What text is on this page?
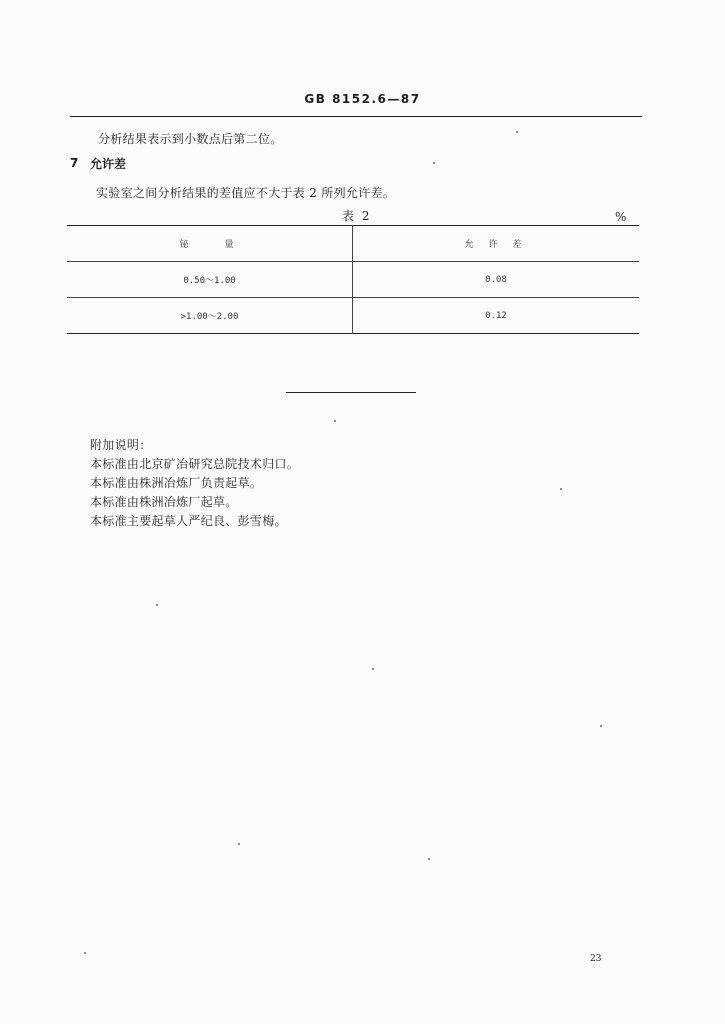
GB 8152.6—87
分析结果表示到小数点后第二位。
7 允许差
实验室之间分析结果的差值应不大于表 2 所列允许差。
表 2	%
铋　　量	允 许 差
0.50～1.00	0.08
>1.00～2.00	0.12
附加说明：
本标准由北京矿冶研究总院技术归口。
本标准由株洲冶炼厂负责起草。
本标准由株洲冶炼厂起草。
本标准主要起草人严纪良、彭雪梅。
23
